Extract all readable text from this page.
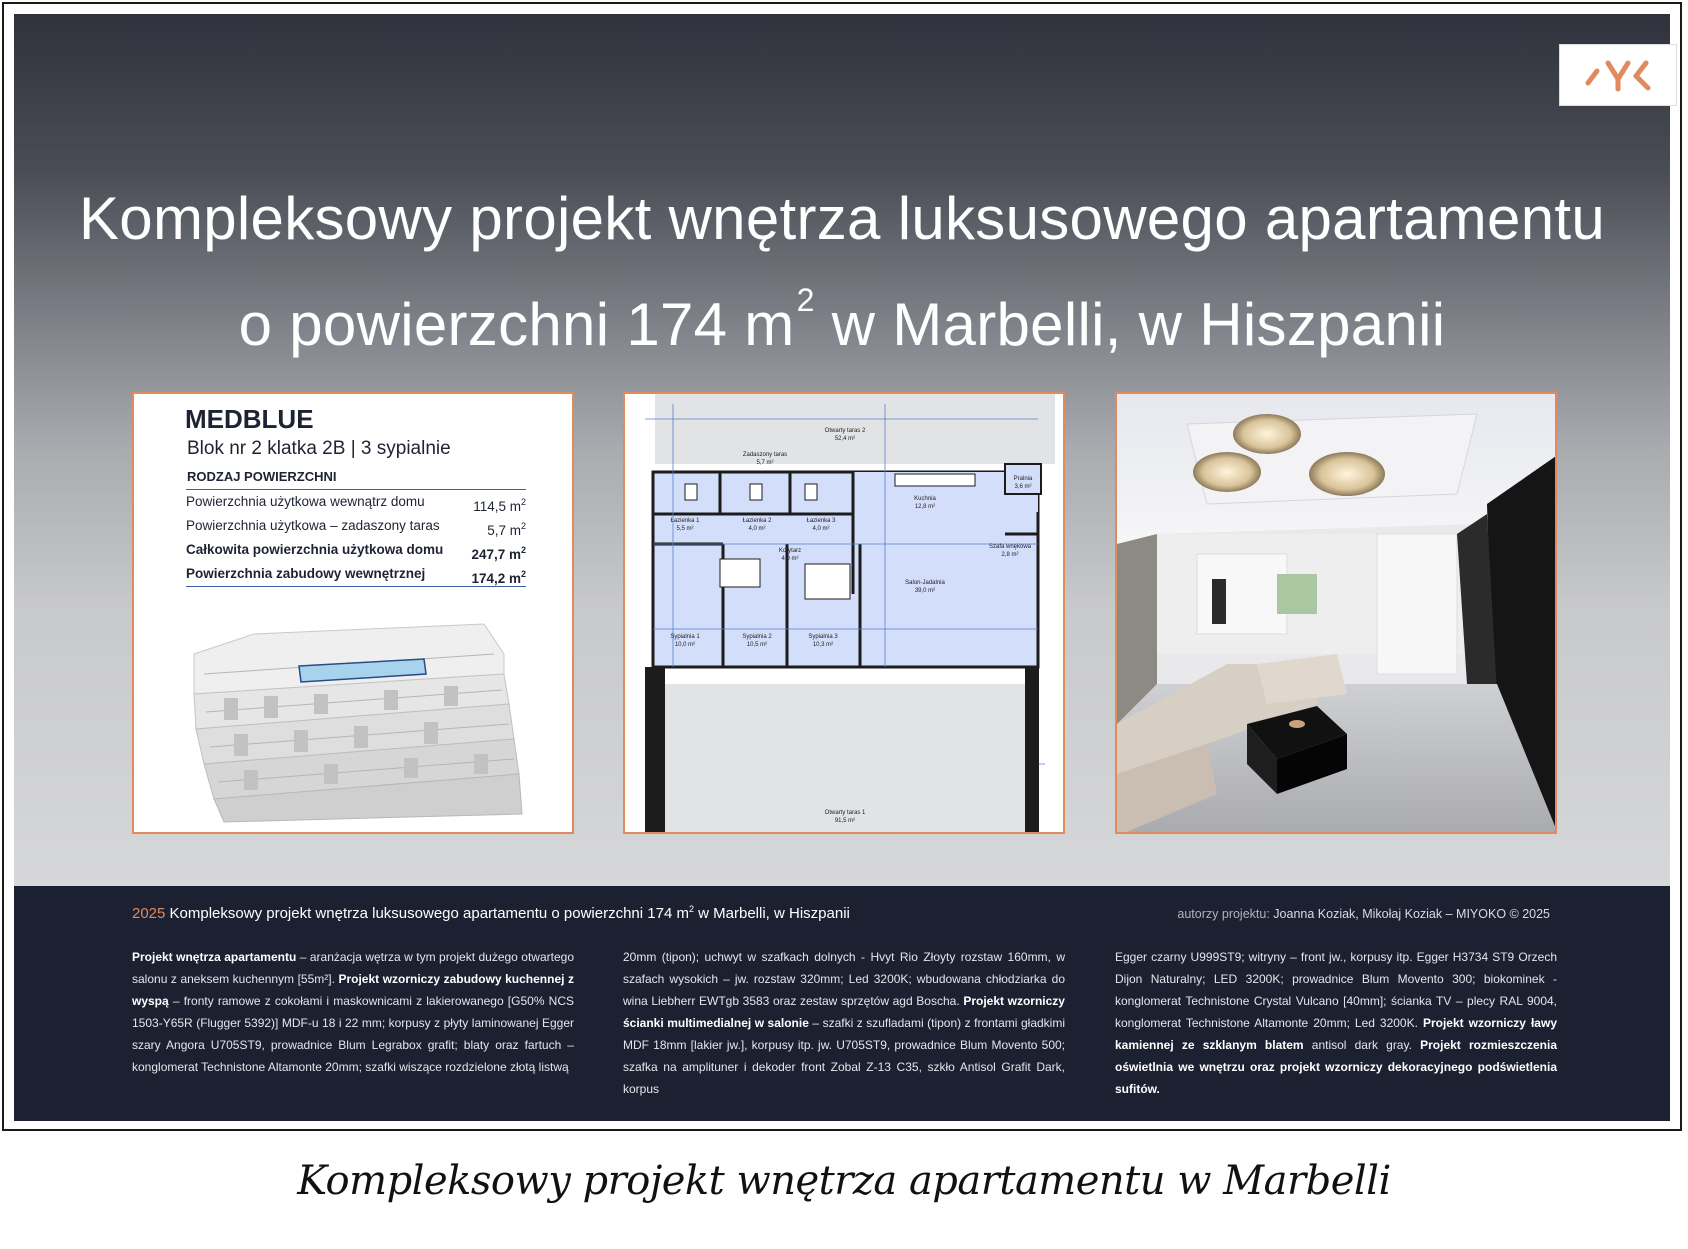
Kompleksowy projekt wnętrza luksusowego apartamentu
o powierzchni 174 $m^2$ w Marbelli, w Hiszpanii
MEDBLUE
Blok nr 2 klatka 2B | 3 sypialnie
RODZAJ POWIERZCHNI
Powierzchnia użytkowa wewnątrz domu	114,5 $m^2$
Powierzchnia użytkowa – zadaszony taras	5,7 $m^2$
Całkowita powierzchnia użytkowa domu 247,7 $m^2$
Powierzchnia zabudowy wewnętrznej	174,2 $m^2$
Otwarty taras 2
52,4 m²
Zadaszony taras
5,7 m²
Kuchnia
12,8 m²
Pralnia
3,6 m²
Łazienka 1
5,5 m²
Łazienka 2
4,0 m²
Łazienka 3
4,0 m²
Korytarz
4,0 m²
Szafa wnękowa
2,8 m²
Salon-Jadalnia
39,0 m²
Sypialnia 1
10,0 m²
Sypialnia 2
10,5 m²
Sypialnia 3
10,3 m²
Otwarty taras 1
91,5 m²
2025 Kompleksowy projekt wnętrza luksusowego apartamentu o powierzchni 174 $m^2$ w Marbelli, w Hiszpanii	autorzy projektu: Joanna Koziak, Mikołaj Koziak – MIYOKO © 2025
Projekt wnętrza apartamentu – aranżacja wętrza w tym projekt dużego otwartego salonu z aneksem kuchennym [55m²]. Projekt wzorniczy zabudowy kuchennej z wyspą – fronty ramowe z cokołami i maskownicami z lakierowanego [G50% NCS 1503-Y65R (Flugger 5392)] MDF-u 18 i 22 mm; korpusy z płyty laminowanej Egger szary Angora U705ST9, prowadnice Blum Legrabox grafit; blaty oraz fartuch – konglomerat Technistone Altamonte 20mm; szafki wiszące rozdzielone złotą listwą
20mm (tipon); uchwyt w szafkach dolnych - Hvyt Rio Złoyty rozstaw 160mm, w szafach wysokich – jw. rozstaw 320mm; Led 3200K; wbudowana chłodziarka do wina Liebherr EWTgb 3583 oraz zestaw sprzętów agd Boscha. Projekt wzorniczy ścianki multimedialnej w salonie – szafki z szufladami (tipon) z frontami gładkimi MDF 18mm [lakier jw.], korpusy itp. jw. U705ST9, prowadnice Blum Movento 500; szafka na amplituner i dekoder front Zobal Z-13 C35, szkło Antisol Grafit Dark, korpus
Egger czarny U999ST9; witryny – front jw., korpusy itp. Egger H3734 ST9 Orzech Dijon Naturalny; LED 3200K; prowadnice Blum Movento 300; biokominek - konglomerat Technistone Crystal Vulcano [40mm]; ścianka TV – plecy RAL 9004, konglomerat Technistone Altamonte 20mm; Led 3200K. Projekt wzorniczy ławy kamiennej ze szklanym blatem antisol dark gray. Projekt rozmieszczenia oświetlnia we wnętrzu oraz projekt wzorniczy dekoracyjnego podświetlenia sufitów.
Kompleksowy projekt wnętrza apartamentu w Marbelli
